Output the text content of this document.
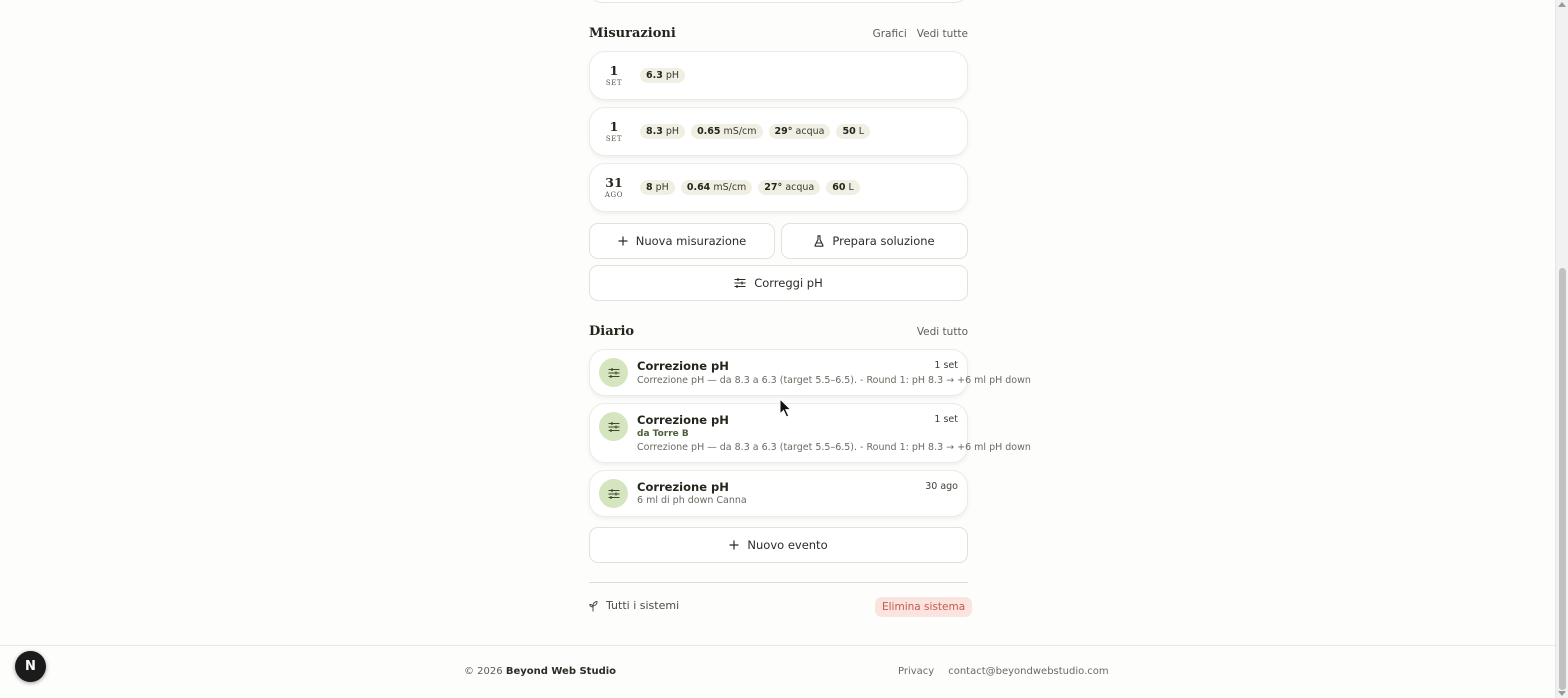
Misurazioni	Grafici Vedi tutte
1
SET
6.3 pH
1
SET
8.3 pH	0.65 mS/cm	29° acqua	50 L
31
AGO
8 pH	0.64 mS/cm	27° acqua	60 L
Nuova misurazione	Prepara soluzione
Correggi pH
Diario	Vedi tutto
Correzione pH	1 set
Correzione pH — da 8.3 a 6.3 (target 5.5–6.5). - Round 1: pH 8.3 → +6 ml pH down
Correzione pH	1 set
da Torre B
Correzione pH — da 8.3 a 6.3 (target 5.5–6.5). - Round 1: pH 8.3 → +6 ml pH down
Correzione pH	30 ago
6 ml di ph down Canna
Nuovo evento
Tutti i sistemi	Elimina sistema
© 2026 Beyond Web Studio	Privacy contact@beyondwebstudio.com
N
